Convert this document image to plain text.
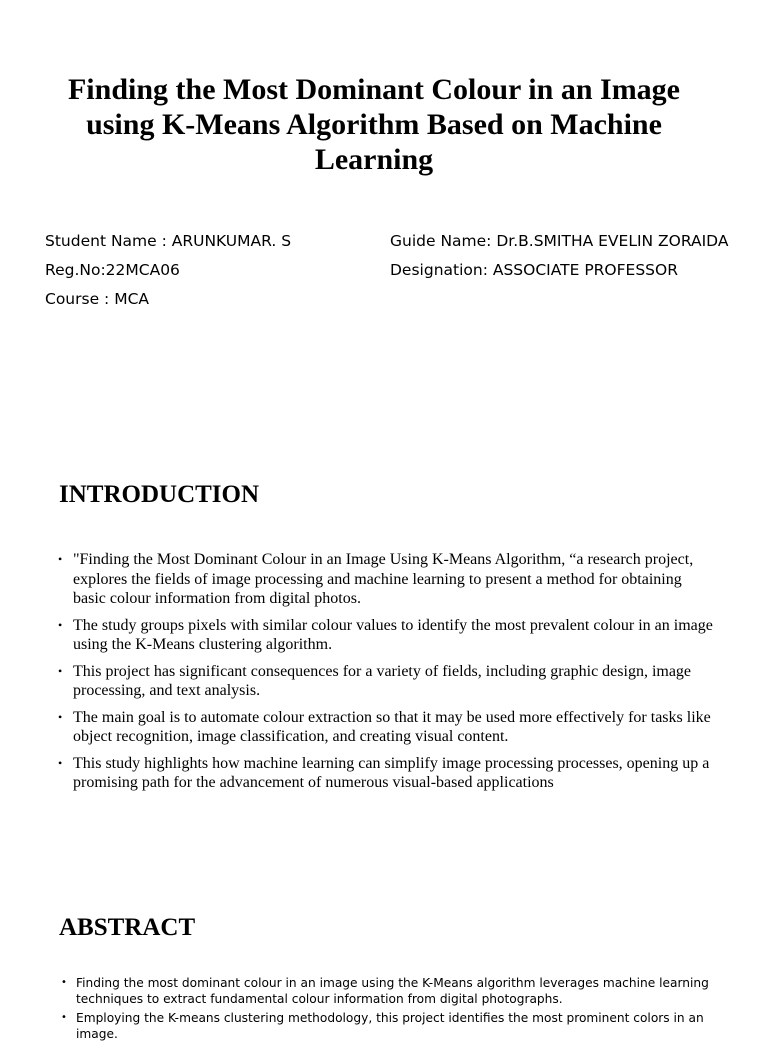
Finding the Most Dominant Colour in an Image using K-Means Algorithm Based on Machine Learning
Student Name : ARUNKUMAR. S
Reg.No:22MCA06
Course : MCA
Guide Name: Dr.B.SMITHA EVELIN ZORAIDA
Designation: ASSOCIATE PROFESSOR
INTRODUCTION
• "Finding the Most Dominant Colour in an Image Using K-Means Algorithm, “a research project, explores the fields of image processing and machine learning to present a method for obtaining basic colour information from digital photos.
• The study groups pixels with similar colour values to identify the most prevalent colour in an image using the K-Means clustering algorithm.
• This project has significant consequences for a variety of fields, including graphic design, image processing, and text analysis.
• The main goal is to automate colour extraction so that it may be used more effectively for tasks like object recognition, image classification, and creating visual content.
• This study highlights how machine learning can simplify image processing processes, opening up a promising path for the advancement of numerous visual-based applications
ABSTRACT
• Finding the most dominant colour in an image using the K-Means algorithm leverages machine learning techniques to extract fundamental colour information from digital photographs.
• Employing the K-means clustering methodology, this project identifies the most prominent colors in an image.
